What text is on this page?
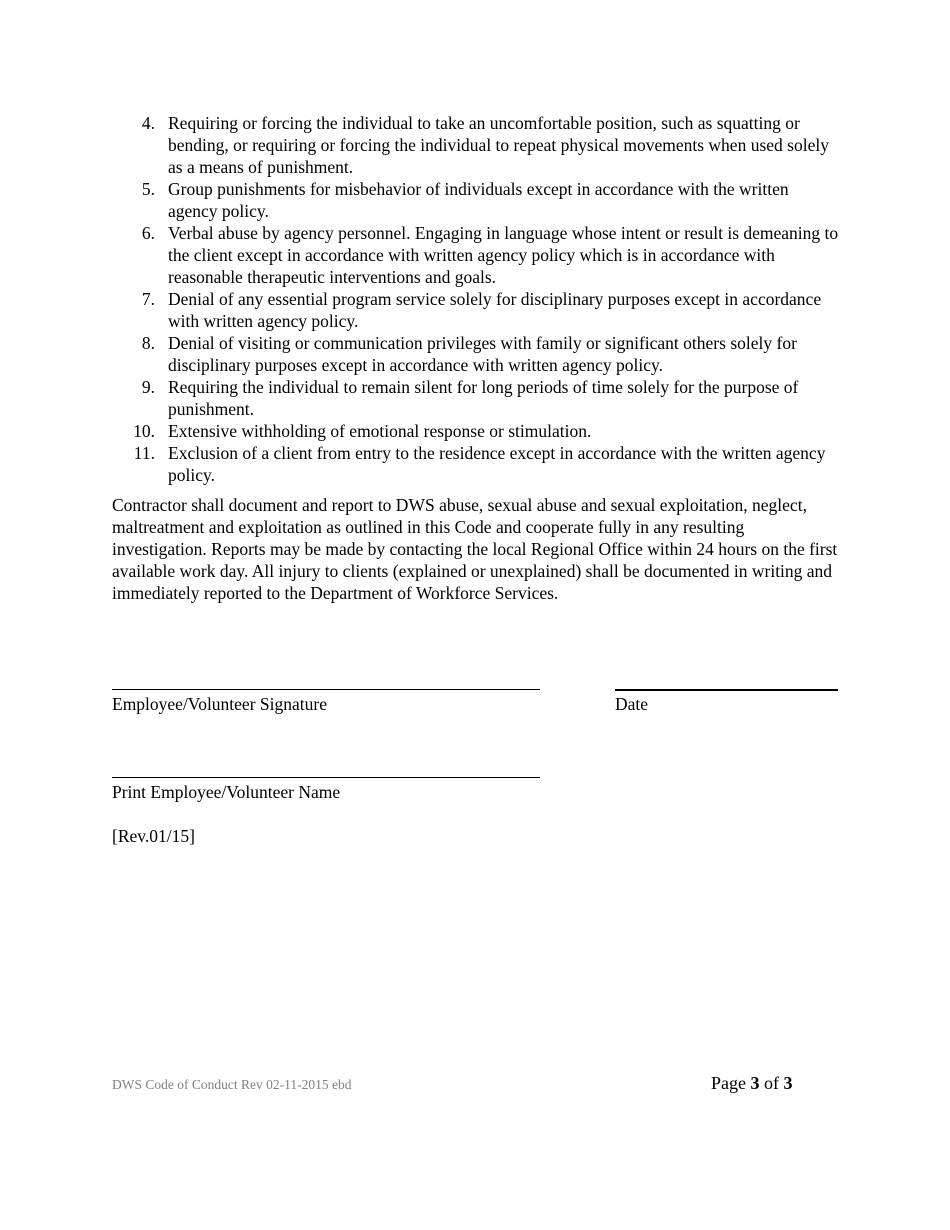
4. Requiring or forcing the individual to take an uncomfortable position, such as squatting or bending, or requiring or forcing the individual to repeat physical movements when used solely as a means of punishment.
5. Group punishments for misbehavior of individuals except in accordance with the written agency policy.
6. Verbal abuse by agency personnel. Engaging in language whose intent or result is demeaning to the client except in accordance with written agency policy which is in accordance with reasonable therapeutic interventions and goals.
7. Denial of any essential program service solely for disciplinary purposes except in accordance with written agency policy.
8. Denial of visiting or communication privileges with family or significant others solely for disciplinary purposes except in accordance with written agency policy.
9. Requiring the individual to remain silent for long periods of time solely for the purpose of punishment.
10. Extensive withholding of emotional response or stimulation.
11. Exclusion of a client from entry to the residence except in accordance with the written agency policy.

Contractor shall document and report to DWS abuse, sexual abuse and sexual exploitation, neglect, maltreatment and exploitation as outlined in this Code and cooperate fully in any resulting investigation. Reports may be made by contacting the local Regional Office within 24 hours on the first available work day. All injury to clients (explained or unexplained) shall be documented in writing and immediately reported to the Department of Workforce Services.

Employee/Volunteer Signature	Date
Print Employee/Volunteer Name
[Rev.01/15]
DWS Code of Conduct Rev 02-11-2015 ebd	Page 3 of 3
